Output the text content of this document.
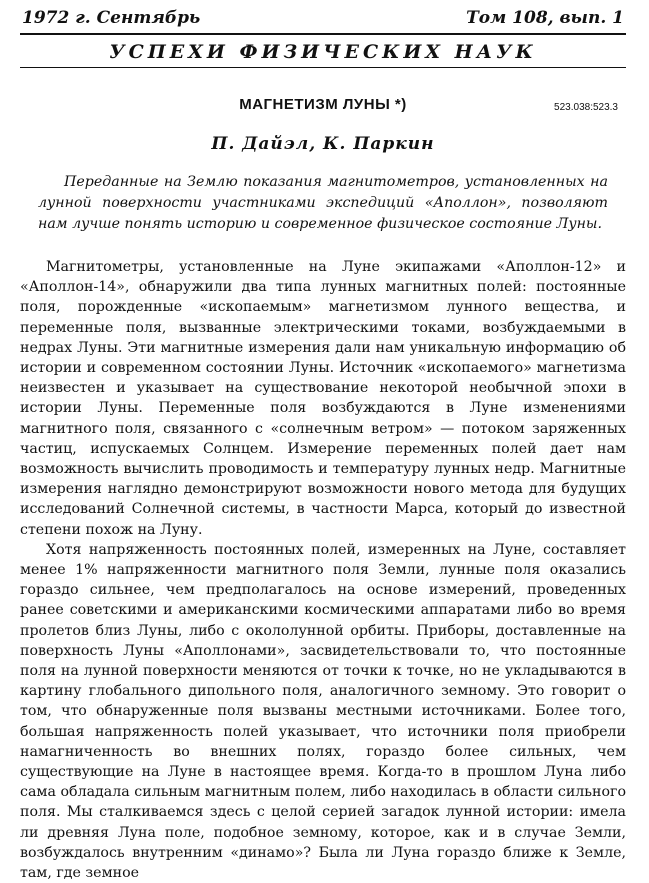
1972 г. Сентябрь	Том 108, вып. 1
УСПЕХИ ФИЗИЧЕСКИХ НАУК
МАГНЕТИЗМ ЛУНЫ *)	523.038:523.3
П. Дайэл, К. Паркин
Переданные на Землю показания магнитометров, установленных на лунной поверхности участниками экспедиций «Аполлон», позволяют нам лучше понять историю и современное физическое состояние Луны.

Магнитометры, установленные на Луне экипажами «Аполлон-12» и «Аполлон-14», обнаружили два типа лунных магнитных полей: постоянные поля, порожденные «ископаемым» магнетизмом лунного вещества, и переменные поля, вызванные электрическими токами, возбуждаемыми в недрах Луны. Эти магнитные измерения дали нам уникальную информацию об истории и современном состоянии Луны. Источник «ископаемого» магнетизма неизвестен и указывает на существование некоторой необычной эпохи в истории Луны. Переменные поля возбуждаются в Луне изменениями магнитного поля, связанного с «солнечным ветром» — потоком заряженных частиц, испускаемых Солнцем. Измерение переменных полей дает нам возможность вычислить проводимость и температуру лунных недр. Магнитные измерения наглядно демонстрируют возможности нового метода для будущих исследований Солнечной системы, в частности Марса, который до известной степени похож на Луну.

Хотя напряженность постоянных полей, измеренных на Луне, составляет менее 1% напряженности магнитного поля Земли, лунные поля оказались гораздо сильнее, чем предполагалось на основе измерений, проведенных ранее советскими и американскими космическими аппаратами либо во время пролетов близ Луны, либо с окололунной орбиты. Приборы, доставленные на поверхность Луны «Аполлонами», засвидетельствовали то, что постоянные поля на лунной поверхности меняются от точки к точке, но не укладываются в картину глобального дипольного поля, аналогичного земному. Это говорит о том, что обнаруженные поля вызваны местными источниками. Более того, большая напряженность полей указывает, что источники поля приобрели намагниченность во внешних полях, гораздо более сильных, чем существующие на Луне в настоящее время. Когда-то в прошлом Луна либо сама обладала сильным магнитным полем, либо находилась в области сильного поля. Мы сталкиваемся здесь с целой серией загадок лунной истории: имела ли древняя Луна поле, подобное земному, которое, как и в случае Земли, возбуждалось внутренним «динамо»? Была ли Луна гораздо ближе к Земле, там, где земное
